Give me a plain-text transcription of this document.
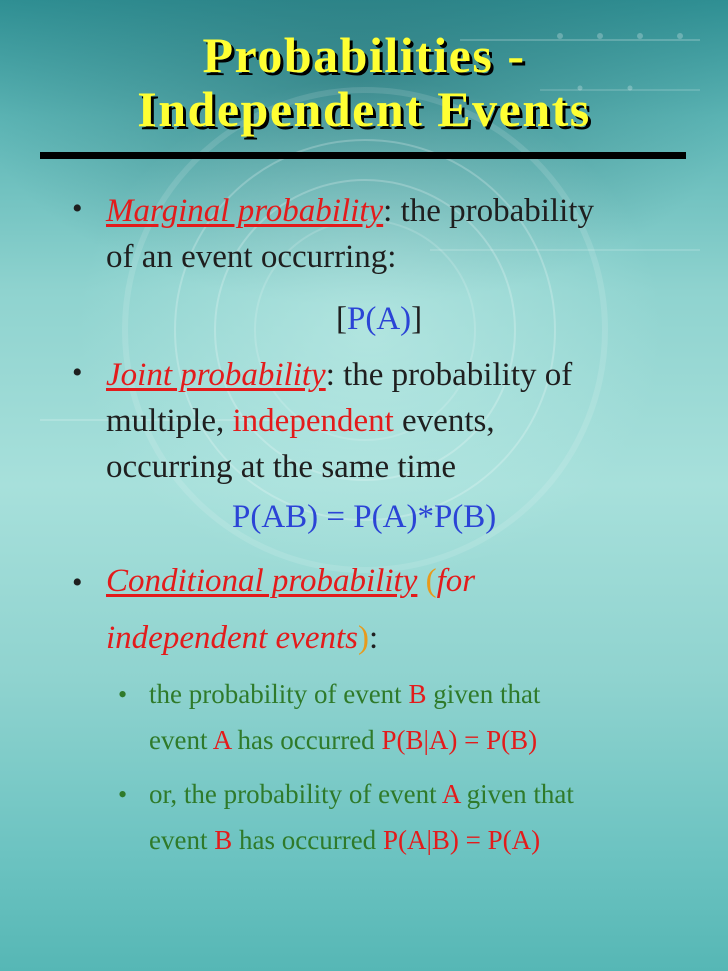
Probabilities -
Independent Events
• Marginal probability: the probability
of an event occurring:
[P(A)]
• Joint probability: the probability of
multiple, independent events,
occurring at the same time
P(AB) = P(A)*P(B)
• Conditional probability (for
independent events):
• the probability of event B given that
event A has occurred P(B|A) = P(B)
• or, the probability of event A given that
event B has occurred P(A|B) = P(A)
